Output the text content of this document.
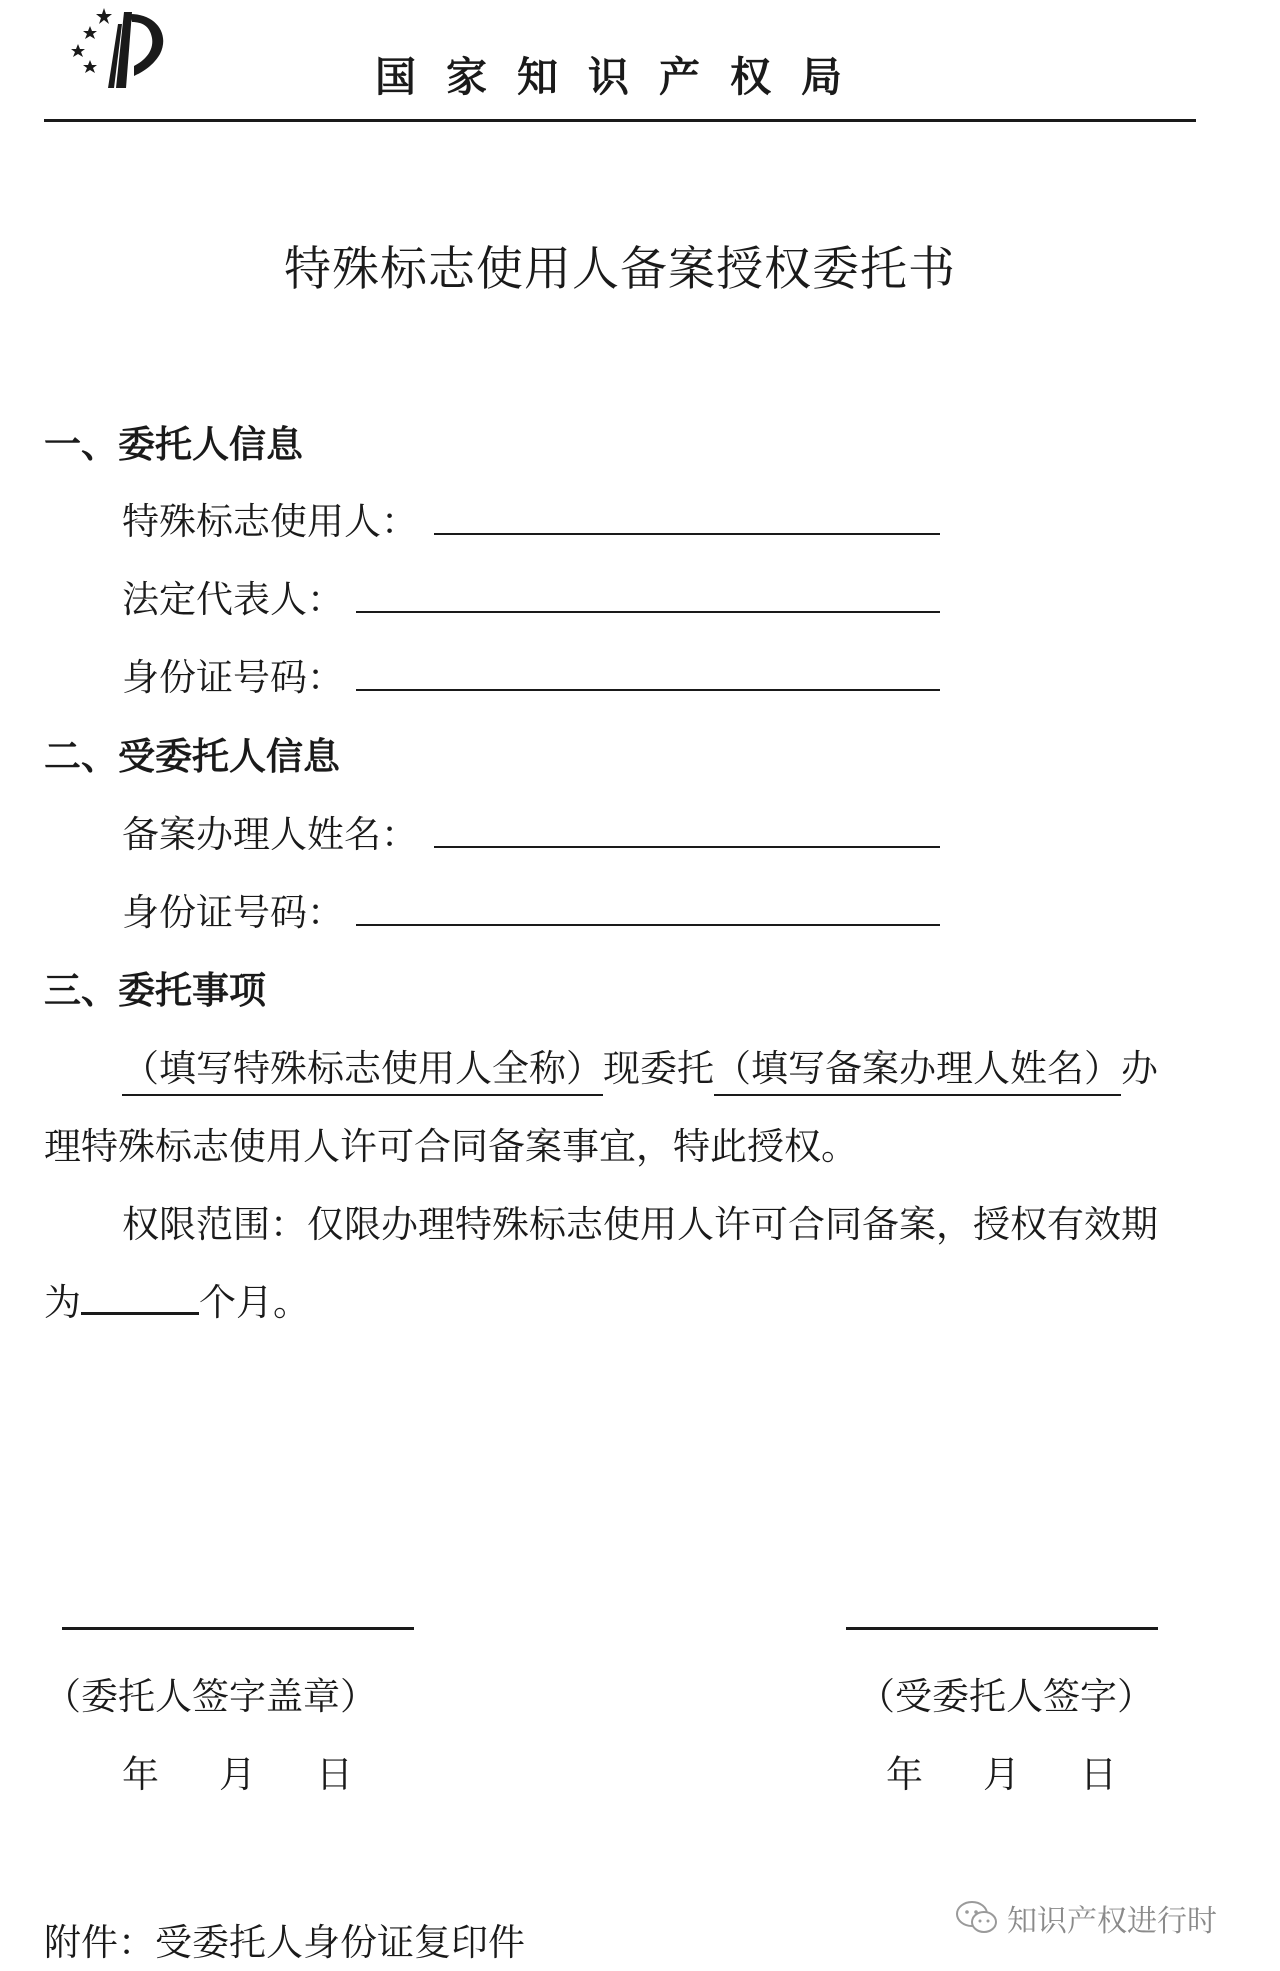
国家知识产权局
特殊标志使用人备案授权委托书
一、委托人信息
特殊标志使用人：
法定代表人：
身份证号码：
二、受委托人信息
备案办理人姓名：
身份证号码：
三、委托事项
（填写特殊标志使用人全称）现委托（填写备案办理人姓名）办
理特殊标志使用人许可合同备案事宜，特此授权。
权限范围：仅限办理特殊标志使用人许可合同备案，授权有效期
为	个月。
（委托人签字盖章）
年 月 日
（受委托人签字）
年 月 日
附件：受委托人身份证复印件	知识产权进行时
